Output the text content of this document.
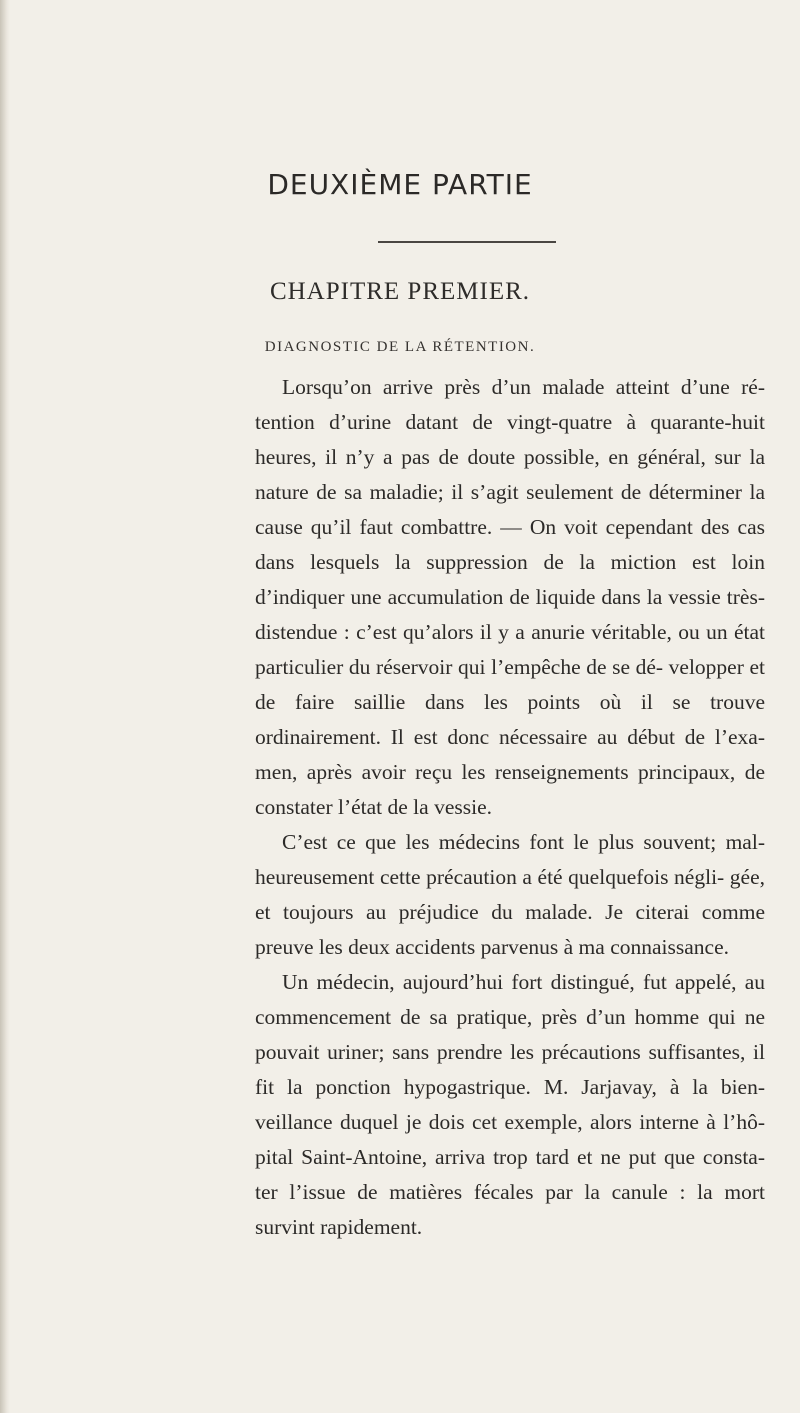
DEUXIÈME PARTIE
CHAPITRE PREMIER.
DIAGNOSTIC DE LA RÉTENTION.

Lorsqu’on arrive près d’un malade atteint d’une ré- tention d’urine datant de vingt-quatre à quarante-huit heures, il n’y a pas de doute possible, en général, sur la nature de sa maladie; il s’agit seulement de déterminer la cause qu’il faut combattre. — On voit cependant des cas dans lesquels la suppression de la miction est loin d’indiquer une accumulation de liquide dans la vessie très-distendue : c’est qu’alors il y a anurie véritable, ou un état particulier du réservoir qui l’empêche de se dé- velopper et de faire saillie dans les points où il se trouve ordinairement. Il est donc nécessaire au début de l’exa- men, après avoir reçu les renseignements principaux, de constater l’état de la vessie.

C’est ce que les médecins font le plus souvent; mal- heureusement cette précaution a été quelquefois négli- gée, et toujours au préjudice du malade. Je citerai comme preuve les deux accidents parvenus à ma connaissance.

Un médecin, aujourd’hui fort distingué, fut appelé, au commencement de sa pratique, près d’un homme qui ne pouvait uriner; sans prendre les précautions suffisantes, il fit la ponction hypogastrique. M. Jarjavay, à la bien- veillance duquel je dois cet exemple, alors interne à l’hô- pital Saint-Antoine, arriva trop tard et ne put que consta- ter l’issue de matières fécales par la canule : la mort survint rapidement.
